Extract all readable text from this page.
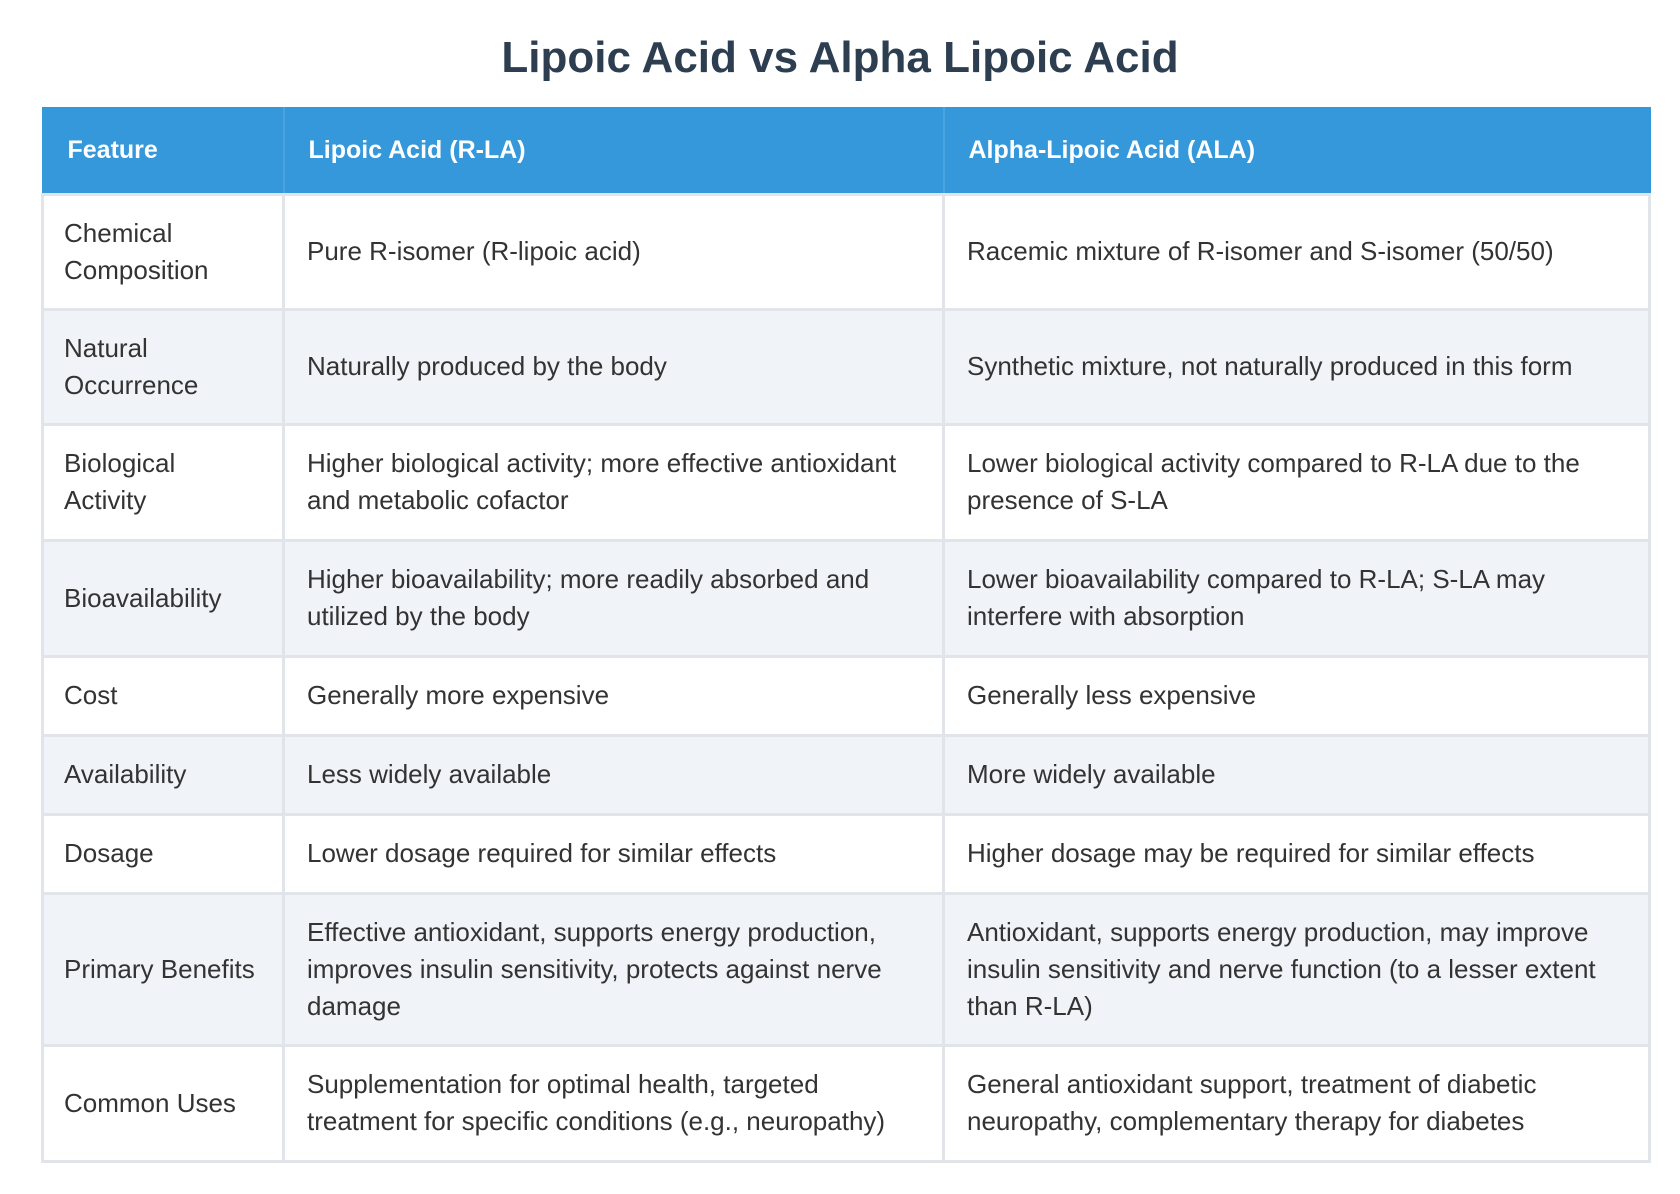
Lipoic Acid vs Alpha Lipoic Acid
Feature	Lipoic Acid (R-LA)	Alpha-Lipoic Acid (ALA)
Chemical Composition	Pure R-isomer (R-lipoic acid)	Racemic mixture of R-isomer and S-isomer (50/50)
Natural Occurrence	Naturally produced by the body	Synthetic mixture, not naturally produced in this form
Biological Activity	Higher biological activity; more effective antioxidant and metabolic cofactor	Lower biological activity compared to R-LA due to the presence of S-LA
Bioavailability	Higher bioavailability; more readily absorbed and utilized by the body	Lower bioavailability compared to R-LA; S-LA may interfere with absorption
Cost	Generally more expensive	Generally less expensive
Availability	Less widely available	More widely available
Dosage	Lower dosage required for similar effects	Higher dosage may be required for similar effects
Primary Benefits	Effective antioxidant, supports energy production, improves insulin sensitivity, protects against nerve damage	Antioxidant, supports energy production, may improve insulin sensitivity and nerve function (to a lesser extent than R-LA)
Common Uses	Supplementation for optimal health, targeted treatment for specific conditions (e.g., neuropathy)	General antioxidant support, treatment of diabetic neuropathy, complementary therapy for diabetes
